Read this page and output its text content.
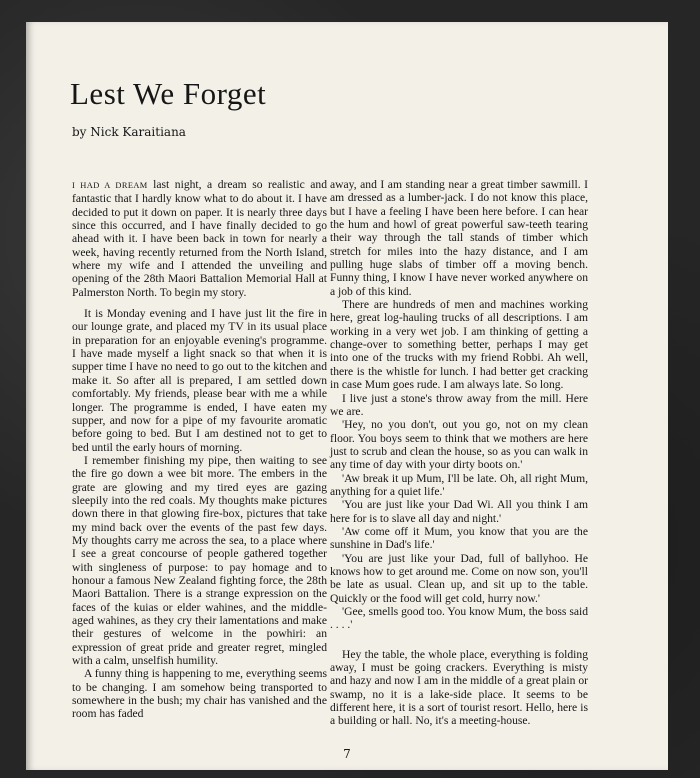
Lest We Forget
by Nick Karaitiana

I HAD A DREAM last night, a dream so realistic and fantastic that I hardly know what to do about it. I have decided to put it down on paper. It is nearly three days since this occurred, and I have finally decided to go ahead with it. I have been back in town for nearly a week, having recently returned from the North Island, where my wife and I attended the unveiling and opening of the 28th Maori Battalion Memorial Hall at Palmerston North. To begin my story.

It is Monday evening and I have just lit the fire in our lounge grate, and placed my TV in its usual place in preparation for an enjoyable evening's programme. I have made myself a light snack so that when it is supper time I have no need to go out to the kitchen and make it. So after all is prepared, I am settled down comfortably. My friends, please bear with me a while longer. The programme is ended, I have eaten my supper, and now for a pipe of my favourite aromatic before going to bed. But I am destined not to get to bed until the early hours of morning.

I remember finishing my pipe, then waiting to see the fire go down a wee bit more. The embers in the grate are glowing and my tired eyes are gazing sleepily into the red coals. My thoughts make pictures down there in that glowing fire-box, pictures that take my mind back over the events of the past few days. My thoughts carry me across the sea, to a place where I see a great concourse of people gathered together with singleness of purpose: to pay homage and to honour a famous New Zealand fighting force, the 28th Maori Battalion. There is a strange expression on the faces of the kuias or elder wahines, and the middle-aged wahines, as they cry their lamentations and make their gestures of welcome in the powhiri: an expression of great pride and greater regret, mingled with a calm, unselfish humility.

A funny thing is happening to me, everything seems to be changing. I am somehow being transported to somewhere in the bush; my chair has vanished and the room has faded

away, and I am standing near a great timber sawmill. I am dressed as a lumber-jack. I do not know this place, but I have a feeling I have been here before. I can hear the hum and howl of great powerful saw-teeth tearing their way through the tall stands of timber which stretch for miles into the hazy distance, and I am pulling huge slabs of timber off a moving bench. Funny thing, I know I have never worked anywhere on a job of this kind.

There are hundreds of men and machines working here, great log-hauling trucks of all descriptions. I am working in a very wet job. I am thinking of getting a change-over to something better, perhaps I may get into one of the trucks with my friend Robbi. Ah well, there is the whistle for lunch. I had better get cracking in case Mum goes rude. I am always late. So long.

I live just a stone's throw away from the mill. Here we are.

'Hey, no you don't, out you go, not on my clean floor. You boys seem to think that we mothers are here just to scrub and clean the house, so as you can walk in any time of day with your dirty boots on.'

'Aw break it up Mum, I'll be late. Oh, all right Mum, anything for a quiet life.'

'You are just like your Dad Wi. All you think I am here for is to slave all day and night.'

'Aw come off it Mum, you know that you are the sunshine in Dad's life.'

'You are just like your Dad, full of ballyhoo. He knows how to get around me. Come on now son, you'll be late as usual. Clean up, and sit up to the table. Quickly or the food will get cold, hurry now.'

'Gee, smells good too. You know Mum, the boss said . . . .'

Hey the table, the whole place, everything is folding away, I must be going crackers. Everything is misty and hazy and now I am in the middle of a great plain or swamp, no it is a lake-side place. It seems to be different here, it is a sort of tourist resort. Hello, here is a building or hall. No, it's a meeting-house.

7
